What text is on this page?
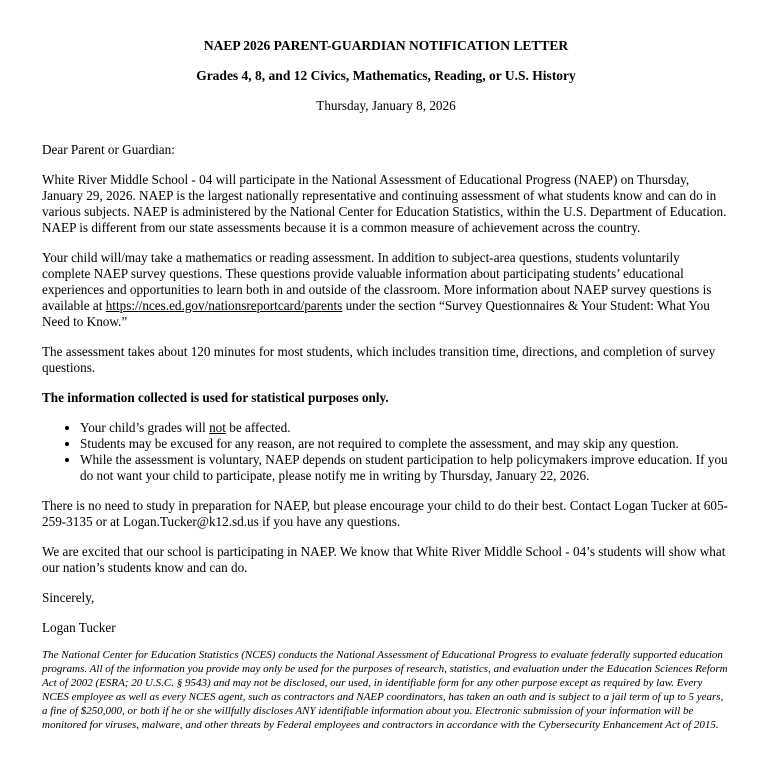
NAEP 2026 PARENT-GUARDIAN NOTIFICATION LETTER
Grades 4, 8, and 12 Civics, Mathematics, Reading, or U.S. History

Thursday, January 8, 2026

Dear Parent or Guardian:

White River Middle School - 04 will participate in the National Assessment of Educational Progress (NAEP) on Thursday, January 29, 2026. NAEP is the largest nationally representative and continuing assessment of what students know and can do in various subjects. NAEP is administered by the National Center for Education Statistics, within the U.S. Department of Education. NAEP is different from our state assessments because it is a common measure of achievement across the country.

Your child will/may take a mathematics or reading assessment. In addition to subject-area questions, students voluntarily complete NAEP survey questions. These questions provide valuable information about participating students’ educational experiences and opportunities to learn both in and outside of the classroom. More information about NAEP survey questions is available at https://nces.ed.gov/nationsreportcard/parents under the section “Survey Questionnaires & Your Student: What You Need to Know.”

The assessment takes about 120 minutes for most students, which includes transition time, directions, and completion of survey questions.

The information collected is used for statistical purposes only.

• Your child’s grades will not be affected.
• Students may be excused for any reason, are not required to complete the assessment, and may skip any question.
• While the assessment is voluntary, NAEP depends on student participation to help policymakers improve education. If you do not want your child to participate, please notify me in writing by Thursday, January 22, 2026.

There is no need to study in preparation for NAEP, but please encourage your child to do their best. Contact Logan Tucker at 605-259-3135 or at Logan.Tucker@k12.sd.us if you have any questions.

We are excited that our school is participating in NAEP. We know that White River Middle School - 04’s students will show what our nation’s students know and can do.

Sincerely,

Logan Tucker

The National Center for Education Statistics (NCES) conducts the National Assessment of Educational Progress to evaluate federally supported education programs. All of the information you provide may only be used for the purposes of research, statistics, and evaluation under the Education Sciences Reform Act of 2002 (ESRA; 20 U.S.C. § 9543) and may not be disclosed, our used, in identifiable form for any other purpose except as required by law. Every NCES employee as well as every NCES agent, such as contractors and NAEP coordinators, has taken an oath and is subject to a jail term of up to 5 years, a fine of $250,000, or both if he or she willfully discloses ANY identifiable information about you. Electronic submission of your information will be monitored for viruses, malware, and other threats by Federal employees and contractors in accordance with the Cybersecurity Enhancement Act of 2015.
